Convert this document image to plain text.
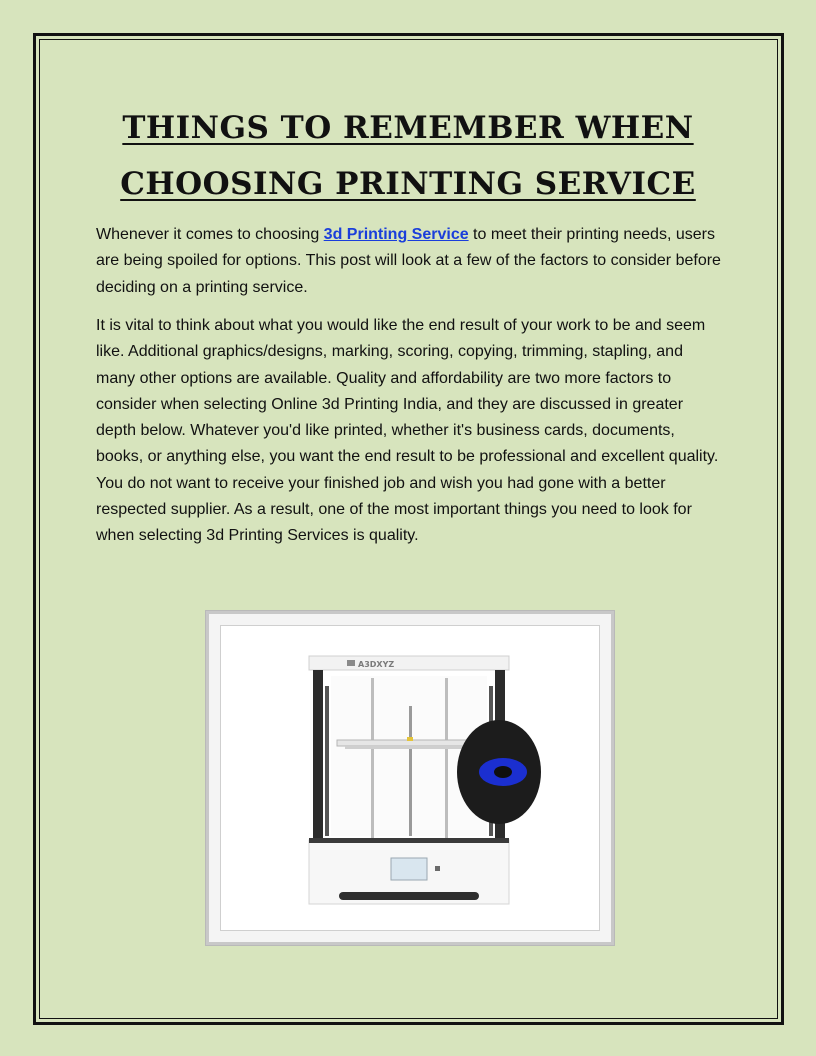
THINGS TO REMEMBER WHEN
CHOOSING PRINTING SERVICE

Whenever it comes to choosing 3d Printing Service to meet their printing needs, users are being spoiled for options. This post will look at a few of the factors to consider before deciding on a printing service.

It is vital to think about what you would like the end result of your work to be and seem like. Additional graphics/designs, marking, scoring, copying, trimming, stapling, and many other options are available. Quality and affordability are two more factors to consider when selecting Online 3d Printing India, and they are discussed in greater depth below. Whatever you'd like printed, whether it's business cards, documents, books, or anything else, you want the end result to be professional and excellent quality. You do not want to receive your finished job and wish you had gone with a better respected supplier. As a result, one of the most important things you need to look for when selecting 3d Printing Services is quality.

A3DXYZ
